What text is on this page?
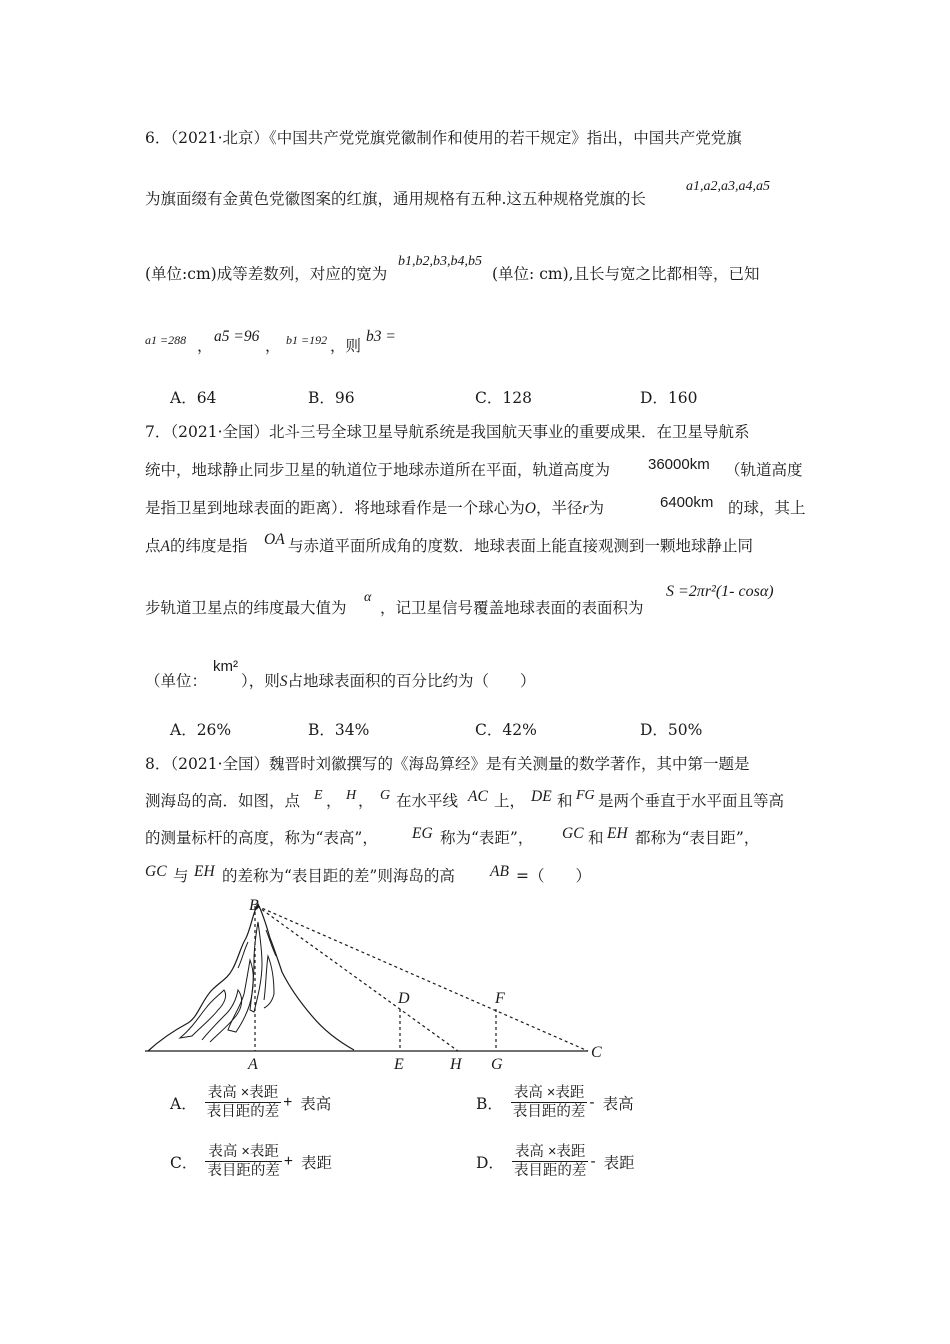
6．（2021·北京）《中国共产党党旗党徽制作和使用的若干规定》指出，中国共产党党旗
为旗面缀有金黄色党徽图案的红旗，通用规格有五种.这五种规格党旗的长
a1,a2,a3,a4,a5
(单位:cm)成等差数列，对应的宽为
b1,b2,b3,b4,b5
(单位: cm),且长与宽之比都相等，已知
a1 =288 ，
a5 =96
， b1 =192 ，则
b3 =
A．64	B．96	C．128	D．160
7．（2021·全国）北斗三号全球卫星导航系统是我国航天事业的重要成果．在卫星导航系
统中，地球静止同步卫星的轨道位于地球赤道所在平面，轨道高度为	36000km （轨道高度
是指卫星到地球表面的距离）．将地球看作是一个球心为O，半径r为	6400km 的球，其上
点A的纬度是指 OA 与赤道平面所成角的度数．地球表面上能直接观测到一颗地球静止同
步轨道卫星点的纬度最大值为
α
，记卫星信号覆盖地球表面的表面积为
S =2πr²(1- cosα)
（单位：
km²
），则S占地球表面积的百分比约为（　　）
A．26%	B．34%	C．42%	D．50%
8．（2021·全国）魏晋时刘徽撰写的《海岛算经》是有关测量的数学著作，其中第一题是
测海岛的高．如图，点 E ， H ， G 在水平线 AC 上， DE 和 FG 是两个垂直于水平面且等高
的测量标杆的高度，称为“表高”， EG 称为“表距”， GC 和 EH 都称为“表目距”，
GC 与 EH 的差称为“表目距的差”则海岛的高 AB =（　　）
B
D	F
A	E	H G
C
A． $\frac{\text{表高 ×表距}}{\text{表目距的差}}$ + 表高	B． $\frac{\text{表高 ×表距}}{\text{表目距的差}}$ - 表高
C． $\frac{\text{表高 ×表距}}{\text{表目距的差}}$ + 表距	D． $\frac{\text{表高 ×表距}}{\text{表目距的差}}$ - 表距
